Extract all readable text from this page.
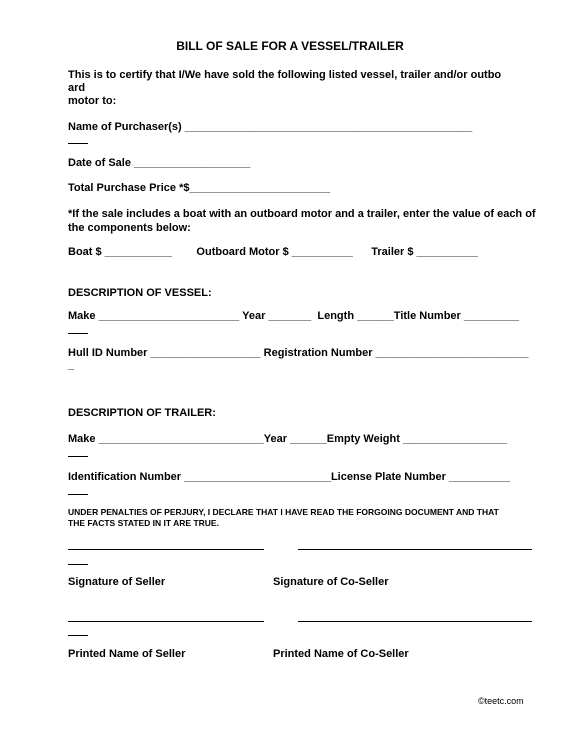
BILL OF SALE FOR A VESSEL/TRAILER
This is to certify that I/We have sold the following listed vessel, trailer and/or outbo
ard
motor to:
Name of Purchaser(s) _______________________________________________
Date of Sale ___________________
Total Purchase Price *$_______________________
*If the sale includes a boat with an outboard motor and a trailer, enter the value of each of
the components below:
Boat $ ___________        Outboard Motor $ __________      Trailer $ __________
DESCRIPTION OF VESSEL:
Make _______________________ Year _______  Length ______Title Number _________
Hull ID Number __________________ Registration Number _________________________
_
DESCRIPTION OF TRAILER:
Make ___________________________Year ______Empty Weight _________________
Identification Number ________________________License Plate Number __________
UNDER PENALTIES OF PERJURY, I DECLARE THAT I HAVE READ THE FORGOING DOCUMENT AND THAT
THE FACTS STATED IN IT ARE TRUE.
Signature of Seller	Signature of Co-Seller
Printed Name of Seller	Printed Name of Co-Seller
©teetc.com
